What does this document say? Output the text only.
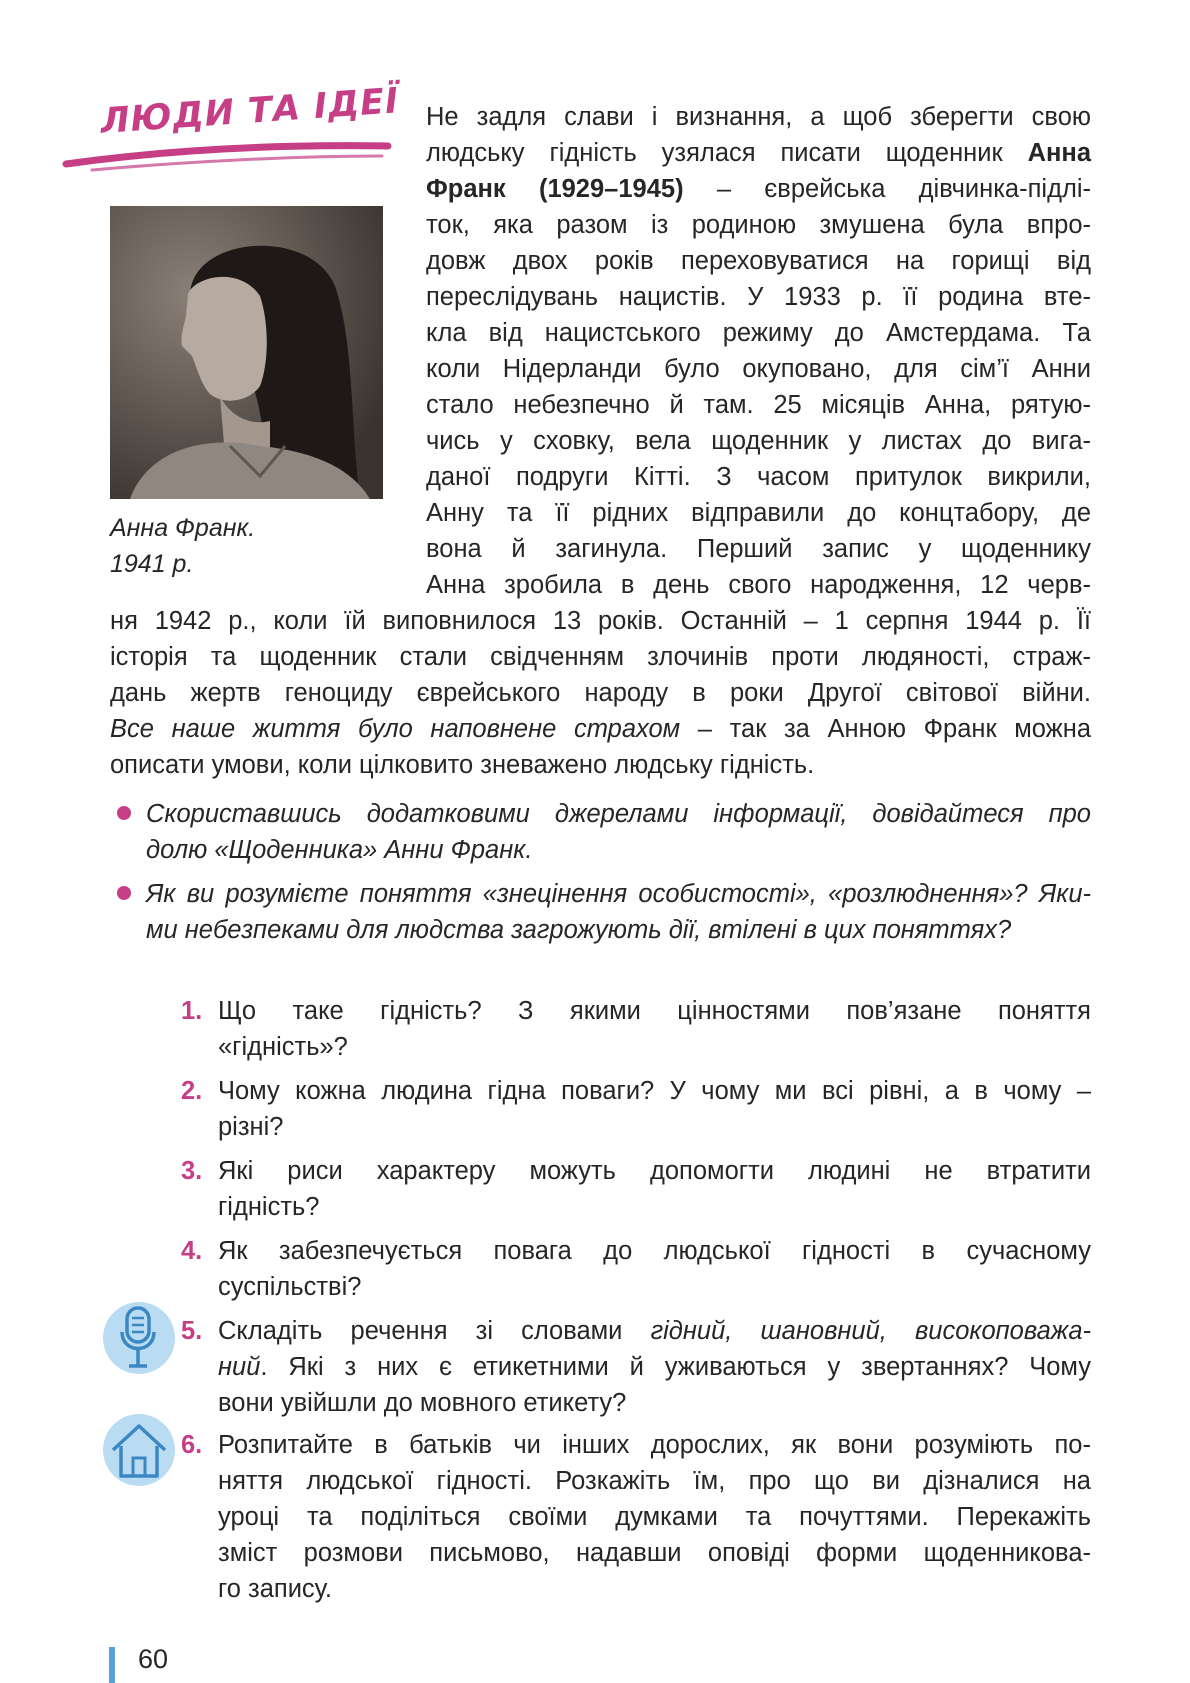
ЛЮДИ ТА ІДЕЇ
Анна Франк.
1941 р.
Не задля слави і визнання, а щоб зберегти свою
людську гідність узялася писати щоденник Анна
Франк (1929–1945) – єврейська дівчинка-підлі-
ток, яка разом із родиною змушена була впро-
довж двох років переховуватися на горищі від
переслідувань нацистів. У 1933 р. її родина вте-
кла від нацистського режиму до Амстердама. Та
коли Нідерланди було окуповано, для сім’ї Анни
стало небезпечно й там. 25 місяців Анна, рятую-
чись у сховку, вела щоденник у листах до вига-
даної подруги Кітті. З часом притулок викрили,
Анну та її рідних відправили до концтабору, де
вона й загинула. Перший запис у щоденнику
Анна зробила в день свого народження, 12 черв-
ня 1942 р., коли їй виповнилося 13 років. Останній – 1 серпня 1944 р. Її
історія та щоденник стали свідченням злочинів проти людяності, страж-
дань жертв геноциду єврейського народу в роки Другої світової війни.
Все наше життя було наповнене страхом – так за Анною Франк можна
описати умови, коли цілковито зневажено людську гідність.
Скориставшись додатковими джерелами інформації, довідайтеся про
долю «Щоденника» Анни Франк.
Як ви розумієте поняття «знецінення особистості», «розлюднення»? Яки-
ми небезпеками для людства загрожують дії, втілені в цих поняттях?
1. Що таке гідність? З якими цінностями пов’язане поняття
«гідність»?
2. Чому кожна людина гідна поваги? У чому ми всі рівні, а в чому –
різні?
3. Які риси характеру можуть допомогти людині не втратити
гідність?
4. Як забезпечується повага до людської гідності в сучасному
суспільстві?
5. Складіть речення зі словами гідний, шановний, високоповажа-
ний. Які з них є етикетними й уживаються у звертаннях? Чому
вони увійшли до мовного етикету?
6. Розпитайте в батьків чи інших дорослих, як вони розуміють по-
няття людської гідності. Розкажіть їм, про що ви дізналися на
уроці та поділіться своїми думками та почуттями. Перекажіть
зміст розмови письмово, надавши оповіді форми щоденникова-
го запису.
60
